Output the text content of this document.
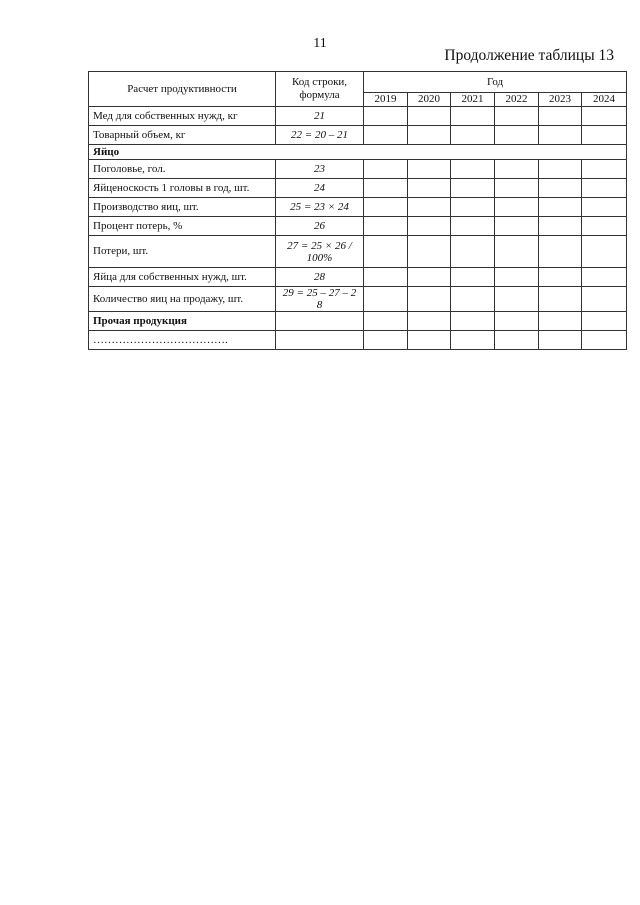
11
Продолжение таблицы 13
Расчет продуктивности	Код строки, формула	Год					
		2019	2020	2021	2022	2023	2024
Мед для собственных нужд, кг	21						
Товарный объем, кг	22 = 20 – 21						
Яйцо							
Поголовье, гол.	23						
Яйценоскость 1 головы в год, шт.	24						
Производство яиц, шт.	25 = 23 × 24						
Процент потерь, %	26						
Потери, шт.	27 = 25 × 26 / 100%						
Яйца для собственных нужд, шт.	28						
Количество яиц на продажу, шт.	29 = 25 – 27 – 2 8						
Прочая продукция							
……………………………….							
